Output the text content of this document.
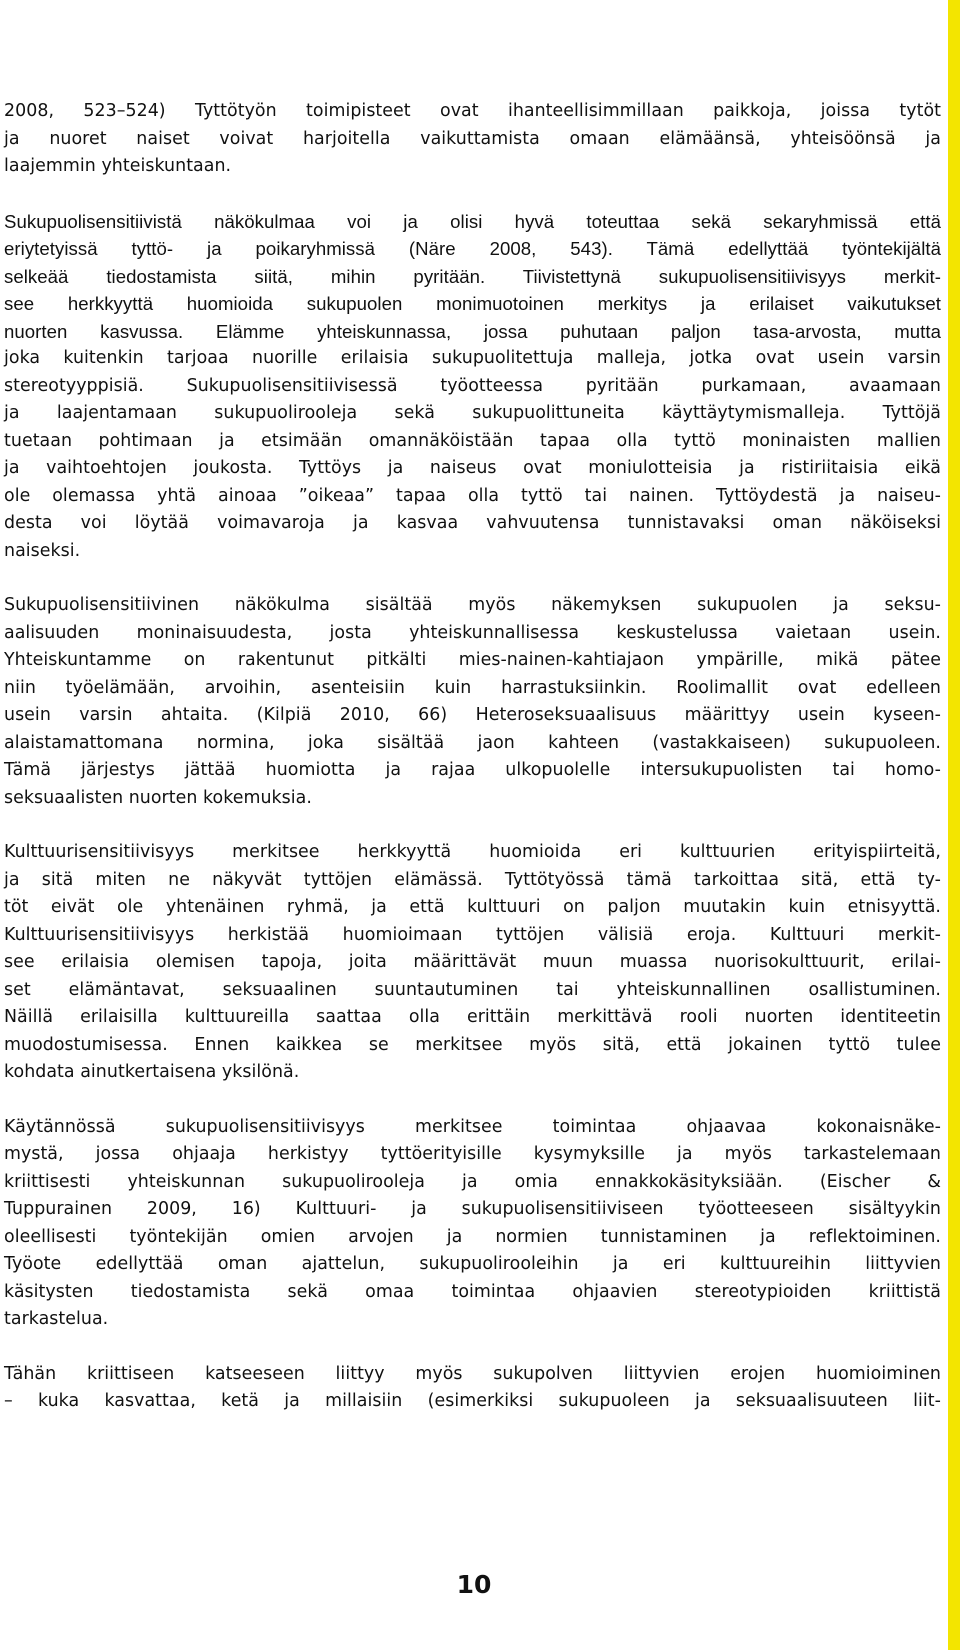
2008, 523–524) Tyttötyön toimipisteet ovat ihanteellisimmillaan paikkoja, joissa tytöt
ja nuoret naiset voivat harjoitella vaikuttamista omaan elämäänsä, yhteisöönsä ja
laajemmin yhteiskuntaan.
Sukupuolisensitiivistä näkökulmaa voi ja olisi hyvä toteuttaa sekä sekaryhmissä että
eriytetyissä tyttö- ja poikaryhmissä (Näre 2008, 543). Tämä edellyttää työntekijältä
selkeää tiedostamista siitä, mihin pyritään. Tiivistettynä sukupuolisensitiivisyys merkit-
see herkkyyttä huomioida sukupuolen monimuotoinen merkitys ja erilaiset vaikutukset
nuorten kasvussa. Elämme yhteiskunnassa, jossa puhutaan paljon tasa-arvosta, mutta
joka kuitenkin tarjoaa nuorille erilaisia sukupuolitettuja malleja, jotka ovat usein varsin
stereotyyppisiä. Sukupuolisensitiivisessä työotteessa pyritään purkamaan, avaamaan
ja laajentamaan sukupuolirooleja sekä sukupuolittuneita käyttäytymismalleja. Tyttöjä
tuetaan pohtimaan ja etsimään omannäköistään tapaa olla tyttö moninaisten mallien
ja vaihtoehtojen joukosta. Tyttöys ja naiseus ovat moniulotteisia ja ristiriitaisia eikä
ole olemassa yhtä ainoaa ”oikeaa” tapaa olla tyttö tai nainen. Tyttöydestä ja naiseu-
desta voi löytää voimavaroja ja kasvaa vahvuutensa tunnistavaksi oman näköiseksi
naiseksi.
Sukupuolisensitiivinen näkökulma sisältää myös näkemyksen sukupuolen ja seksu-
aalisuuden moninaisuudesta, josta yhteiskunnallisessa keskustelussa vaietaan usein.
Yhteiskuntamme on rakentunut pitkälti mies-nainen-kahtiajaon ympärille, mikä pätee
niin työelämään, arvoihin, asenteisiin kuin harrastuksiinkin. Roolimallit ovat edelleen
usein varsin ahtaita. (Kilpiä 2010, 66) Heteroseksuaalisuus määrittyy usein kyseen-
alaistamattomana normina, joka sisältää jaon kahteen (vastakkaiseen) sukupuoleen.
Tämä järjestys jättää huomiotta ja rajaa ulkopuolelle intersukupuolisten tai homo-
seksuaalisten nuorten kokemuksia.
Kulttuurisensitiivisyys merkitsee herkkyyttä huomioida eri kulttuurien erityispiirteitä,
ja sitä miten ne näkyvät tyttöjen elämässä. Tyttötyössä tämä tarkoittaa sitä, että ty-
töt eivät ole yhtenäinen ryhmä, ja että kulttuuri on paljon muutakin kuin etnisyyttä.
Kulttuurisensitiivisyys herkistää huomioimaan tyttöjen välisiä eroja. Kulttuuri merkit-
see erilaisia olemisen tapoja, joita määrittävät muun muassa nuorisokulttuurit, erilai-
set elämäntavat, seksuaalinen suuntautuminen tai yhteiskunnallinen osallistuminen.
Näillä erilaisilla kulttuureilla saattaa olla erittäin merkittävä rooli nuorten identiteetin
muodostumisessa. Ennen kaikkea se merkitsee myös sitä, että jokainen tyttö tulee
kohdata ainutkertaisena yksilönä.
Käytännössä sukupuolisensitiivisyys merkitsee toimintaa ohjaavaa kokonaisnäke-
mystä, jossa ohjaaja herkistyy tyttöerityisille kysymyksille ja myös tarkastelemaan
kriittisesti yhteiskunnan sukupuolirooleja ja omia ennakkokäsityksiään. (Eischer &
Tuppurainen 2009, 16) Kulttuuri- ja sukupuolisensitiiviseen työotteeseen sisältyykin
oleellisesti työntekijän omien arvojen ja normien tunnistaminen ja reflektoiminen.
Työote edellyttää oman ajattelun, sukupuolirooleihin ja eri kulttuureihin liittyvien
käsitysten tiedostamista sekä omaa toimintaa ohjaavien stereotypioiden kriittistä
tarkastelua.
Tähän kriittiseen katseeseen liittyy myös sukupolven liittyvien erojen huomioiminen
– kuka kasvattaa, ketä ja millaisiin (esimerkiksi sukupuoleen ja seksuaalisuuteen liit-
10
